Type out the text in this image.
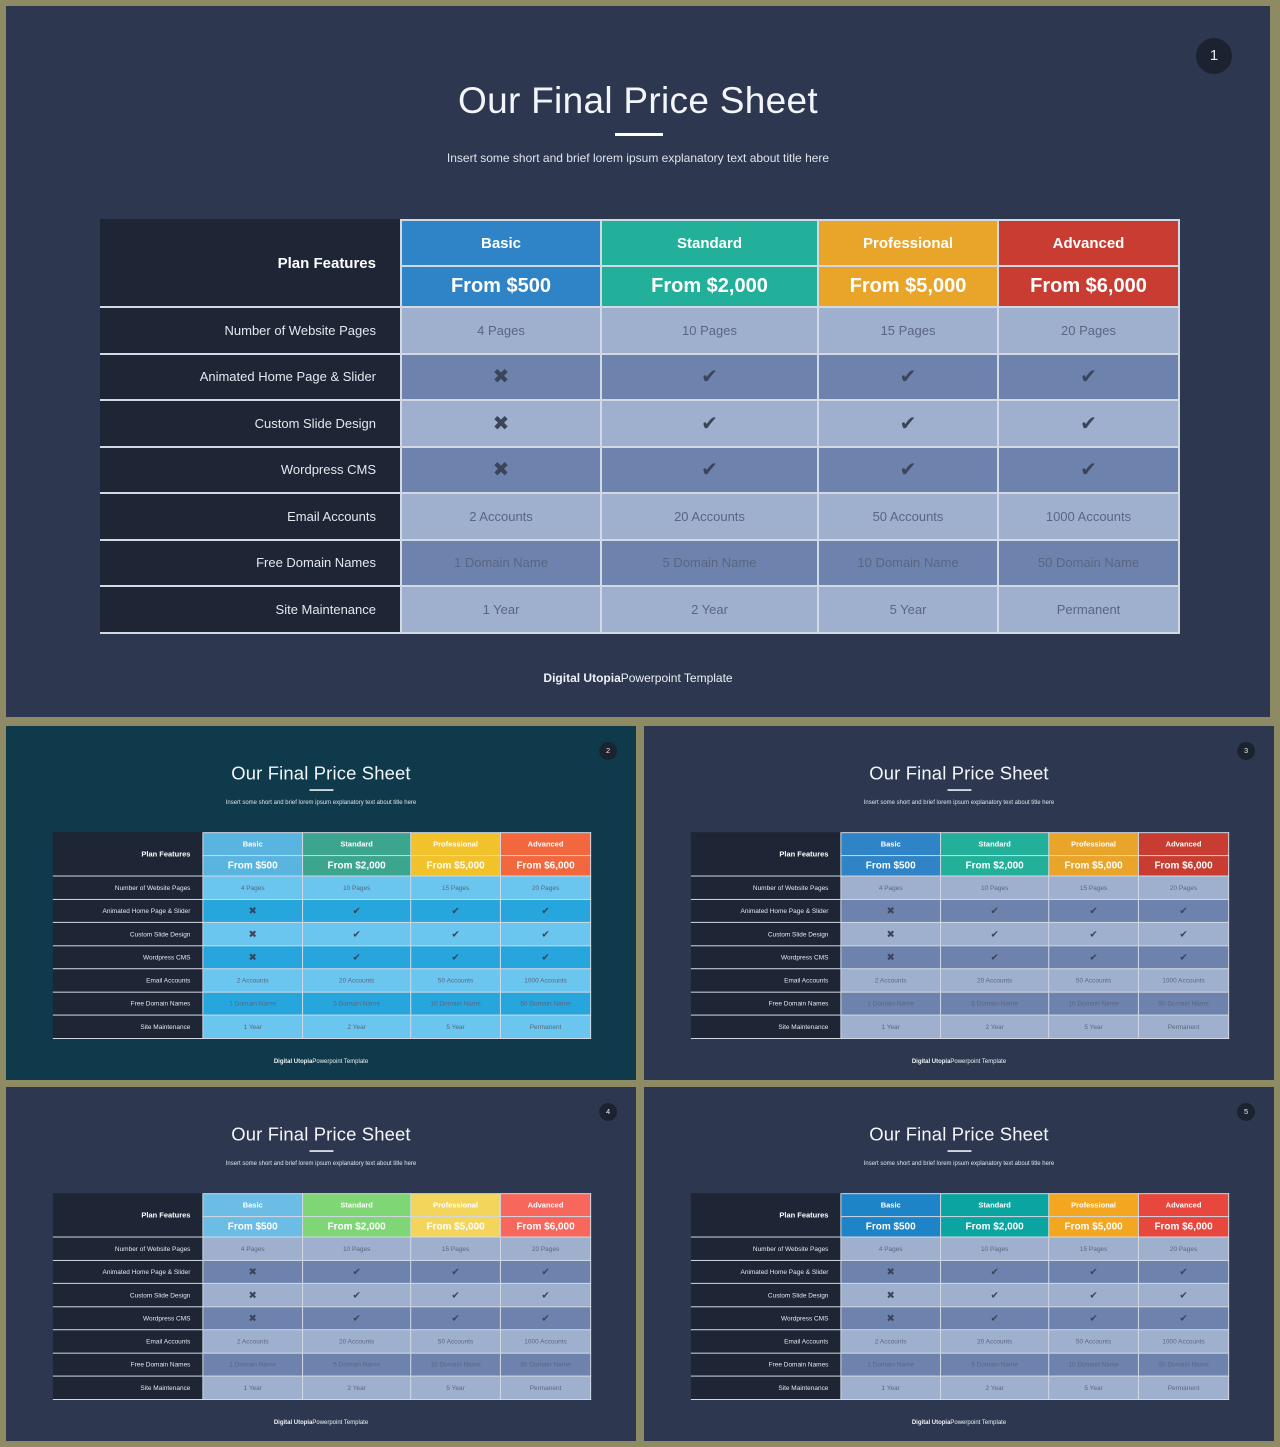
1
Our Final Price Sheet

Insert some short and brief lorem ipsum explanatory text about title here

Plan Features	Basic	Standard	Professional	Advanced
	From $500	From $2,000	From $5,000	From $6,000
Number of Website Pages	4 Pages	10 Pages	15 Pages	20 Pages
Animated Home Page & Slider	✖	✔	✔	✔
Custom Slide Design	✖	✔	✔	✔
Wordpress CMS	✖	✔	✔	✔
Email Accounts	2 Accounts	20 Accounts	50 Accounts	1000 Accounts
Free Domain Names	1 Domain Name	5 Domain Name	10 Domain Name	50 Domain Name
Site Maintenance	1 Year	2 Year	5 Year	Permanent
Digital UtopiaPowerpoint Template
2
Our Final Price Sheet

Insert some short and brief lorem ipsum explanatory text about title here

Plan Features	Basic	Standard	Professional	Advanced
	From $500	From $2,000	From $5,000	From $6,000
Number of Website Pages	4 Pages	10 Pages	15 Pages	20 Pages
Animated Home Page & Slider	✖	✔	✔	✔
Custom Slide Design	✖	✔	✔	✔
Wordpress CMS	✖	✔	✔	✔
Email Accounts	2 Accounts	20 Accounts	50 Accounts	1000 Accounts
Free Domain Names	1 Domain Name	5 Domain Name	10 Domain Name	50 Domain Name
Site Maintenance	1 Year	2 Year	5 Year	Permanent
Digital UtopiaPowerpoint Template
3
Our Final Price Sheet

Insert some short and brief lorem ipsum explanatory text about title here

Plan Features	Basic	Standard	Professional	Advanced
	From $500	From $2,000	From $5,000	From $6,000
Number of Website Pages	4 Pages	10 Pages	15 Pages	20 Pages
Animated Home Page & Slider	✖	✔	✔	✔
Custom Slide Design	✖	✔	✔	✔
Wordpress CMS	✖	✔	✔	✔
Email Accounts	2 Accounts	20 Accounts	50 Accounts	1000 Accounts
Free Domain Names	1 Domain Name	5 Domain Name	10 Domain Name	50 Domain Name
Site Maintenance	1 Year	2 Year	5 Year	Permanent
Digital UtopiaPowerpoint Template
4
Our Final Price Sheet

Insert some short and brief lorem ipsum explanatory text about title here

Plan Features	Basic	Standard	Professional	Advanced
	From $500	From $2,000	From $5,000	From $6,000
Number of Website Pages	4 Pages	10 Pages	15 Pages	20 Pages
Animated Home Page & Slider	✖	✔	✔	✔
Custom Slide Design	✖	✔	✔	✔
Wordpress CMS	✖	✔	✔	✔
Email Accounts	2 Accounts	20 Accounts	50 Accounts	1000 Accounts
Free Domain Names	1 Domain Name	5 Domain Name	10 Domain Name	50 Domain Name
Site Maintenance	1 Year	2 Year	5 Year	Permanent
Digital UtopiaPowerpoint Template
5
Our Final Price Sheet

Insert some short and brief lorem ipsum explanatory text about title here

Plan Features	Basic	Standard	Professional	Advanced
	From $500	From $2,000	From $5,000	From $6,000
Number of Website Pages	4 Pages	10 Pages	15 Pages	20 Pages
Animated Home Page & Slider	✖	✔	✔	✔
Custom Slide Design	✖	✔	✔	✔
Wordpress CMS	✖	✔	✔	✔
Email Accounts	2 Accounts	20 Accounts	50 Accounts	1000 Accounts
Free Domain Names	1 Domain Name	5 Domain Name	10 Domain Name	50 Domain Name
Site Maintenance	1 Year	2 Year	5 Year	Permanent
Digital UtopiaPowerpoint Template
